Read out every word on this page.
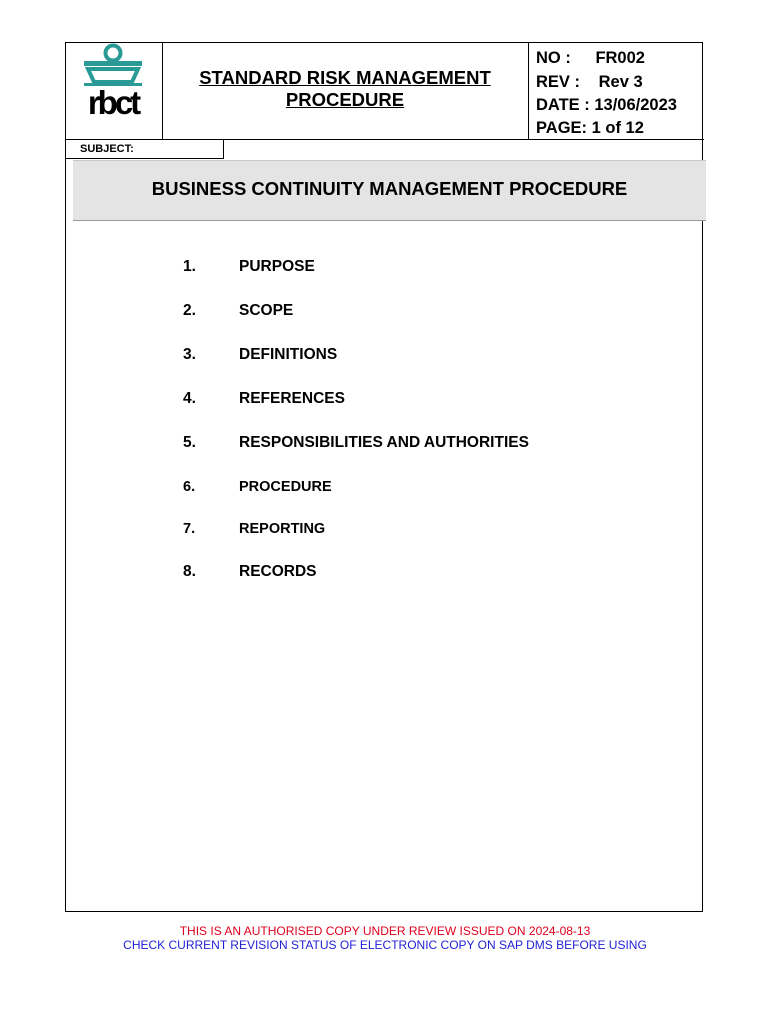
rbct
STANDARD RISK MANAGEMENT
PROCEDURE
NO : FR002
REV : Rev 3
DATE : 13/06/2023
PAGE: 1 of 12
SUBJECT:
BUSINESS CONTINUITY MANAGEMENT PROCEDURE
1.	PURPOSE
2.	SCOPE
3.	DEFINITIONS
4.	REFERENCES
5.	RESPONSIBILITIES AND AUTHORITIES
6.	PROCEDURE
7.	REPORTING
8.	RECORDS
THIS IS AN AUTHORISED COPY UNDER REVIEW ISSUED ON 2024-08-13
CHECK CURRENT REVISION STATUS OF ELECTRONIC COPY ON SAP DMS BEFORE USING
